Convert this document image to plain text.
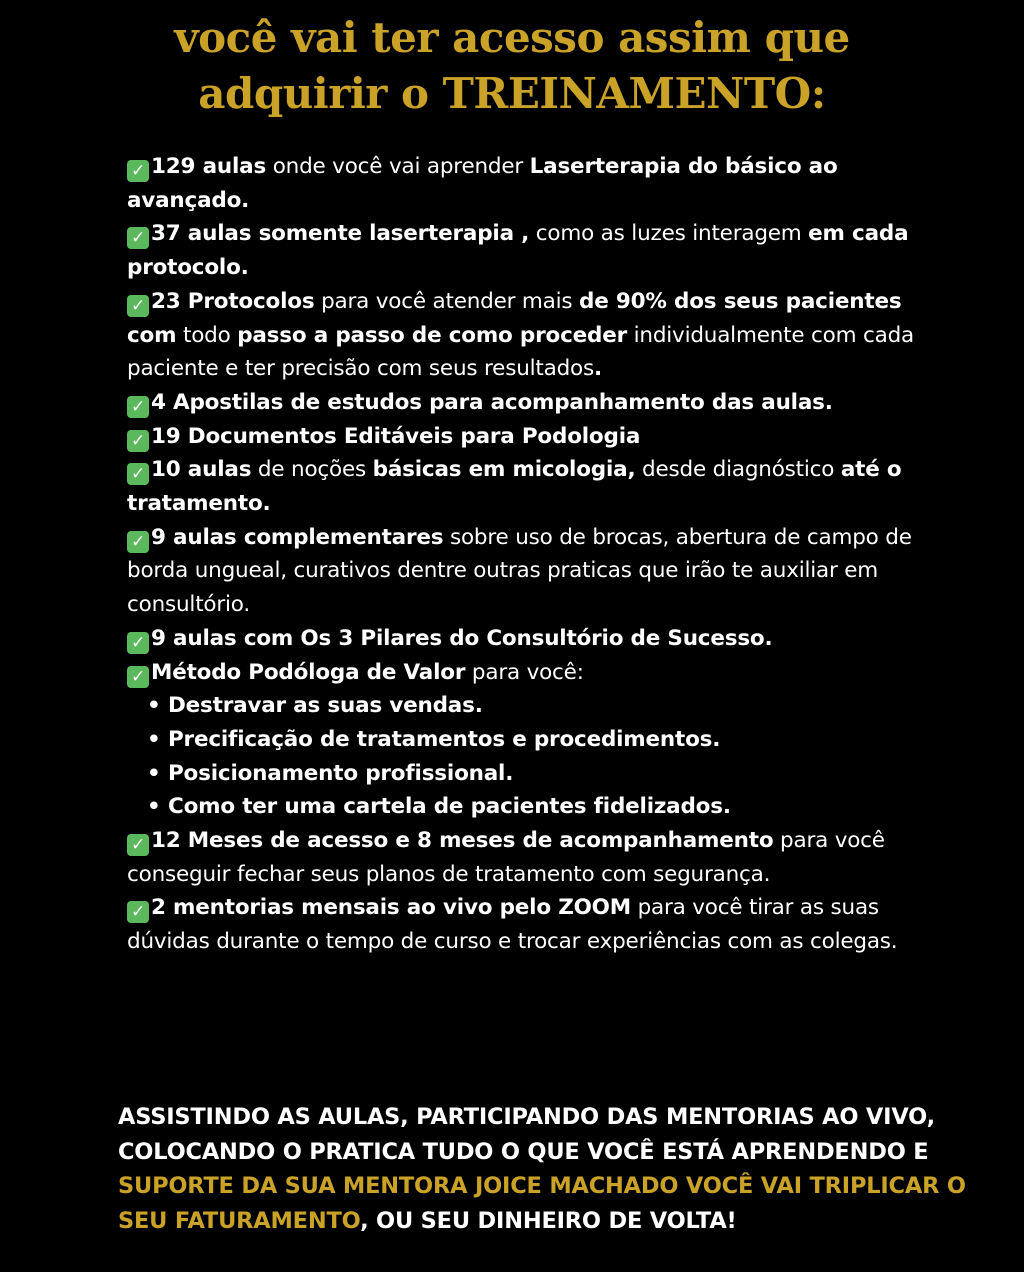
você vai ter acesso assim que
adquirir o TREINAMENTO:
✓ 129 aulas onde você vai aprender Laserterapia do básico ao avançado.
✓ 37 aulas somente laserterapia , como as luzes interagem em cada protocolo.
✓ 23 Protocolos para você atender mais de 90% dos seus pacientes com todo passo a passo de como proceder individualmente com cada paciente e ter precisão com seus resultados.
✓ 4 Apostilas de estudos para acompanhamento das aulas.
✓ 19 Documentos Editáveis para Podologia
✓ 10 aulas de noções básicas em micologia, desde diagnóstico até o tratamento.
✓ 9 aulas complementares sobre uso de brocas, abertura de campo de borda ungueal, curativos dentre outras praticas que irão te auxiliar em consultório.
✓ 9 aulas com Os 3 Pilares do Consultório de Sucesso.
✓ Método Podóloga de Valor para você:
• Destravar as suas vendas.
• Precificação de tratamentos e procedimentos.
• Posicionamento profissional.
• Como ter uma cartela de pacientes fidelizados.
✓ 12 Meses de acesso e 8 meses de acompanhamento para você conseguir fechar seus planos de tratamento com segurança.
✓ 2 mentorias mensais ao vivo pelo ZOOM para você tirar as suas dúvidas durante o tempo de curso e trocar experiências com as colegas.
ASSISTINDO AS AULAS, PARTICIPANDO DAS MENTORIAS AO VIVO, COLOCANDO O PRATICA TUDO O QUE VOCÊ ESTÁ APRENDENDO E SUPORTE DA SUA MENTORA JOICE MACHADO VOCÊ VAI TRIPLICAR O SEU FATURAMENTO, OU SEU DINHEIRO DE VOLTA!
